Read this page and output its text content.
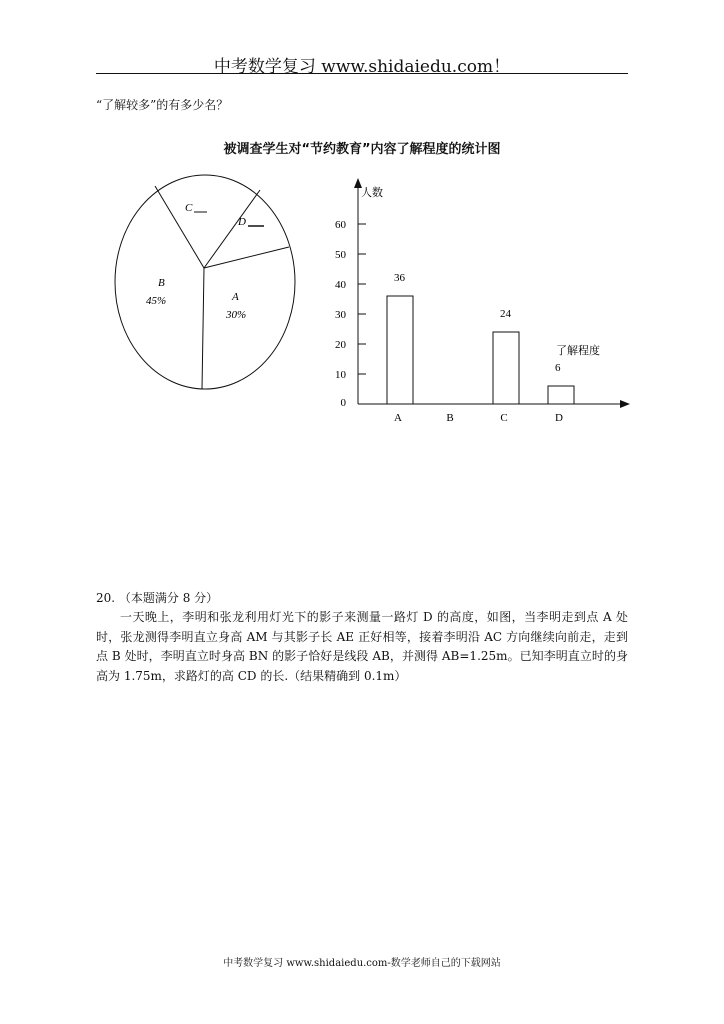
中考数学复习 www.shidaiedu.com！
“了解较多”的有多少名？
被调查学生对“节约教育”内容了解程度的统计图
C
D
B
45%	A
30%
人数
了解程度
0
10
20
30
40
50
60
36
A	B
24
C
6
D
20. （本题满分 8 分）
一天晚上，李明和张龙利用灯光下的影子来测量一路灯 D 的高度，如图，当李明走到点 A 处时，张龙测得李明直立身高 AM 与其影子长 AE 正好相等，接着李明沿 AC 方向继续向前走，走到点 B 处时，李明直立时身高 BN 的影子恰好是线段 AB，并测得 AB=1.25m。已知李明直立时的身高为 1.75m，求路灯的高 CD 的长.（结果精确到 0.1m）
中考数学复习 www.shidaiedu.com-数学老师自己的下载网站
